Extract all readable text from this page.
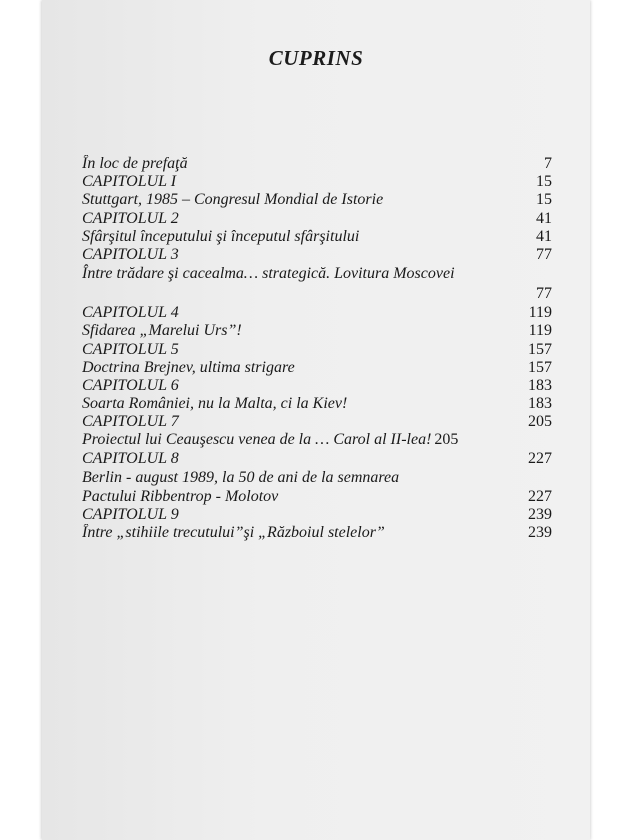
CUPRINS
În loc de prefaţă	7
CAPITOLUL I	15
Stuttgart, 1985 – Congresul Mondial de Istorie	15
CAPITOLUL 2	41
Sfârşitul începutului şi începutul sfârşitului	41
CAPITOLUL 3	77
Între trădare şi cacealma… strategică. Lovitura Moscovei
77
CAPITOLUL 4	119
Sfidarea „Marelui Urs”!	119
CAPITOLUL 5	157
Doctrina Brejnev, ultima strigare	157
CAPITOLUL 6	183
Soarta României, nu la Malta, ci la Kiev!	183
CAPITOLUL 7	205
Proiectul lui Ceauşescu venea de la … Carol al II-lea! 205
CAPITOLUL 8	227
Berlin - august 1989, la 50 de ani de la semnarea
Pactului Ribbentrop - Molotov	227
CAPITOLUL 9	239
Între „stihiile trecutului”şi „Războiul stelelor”	239
